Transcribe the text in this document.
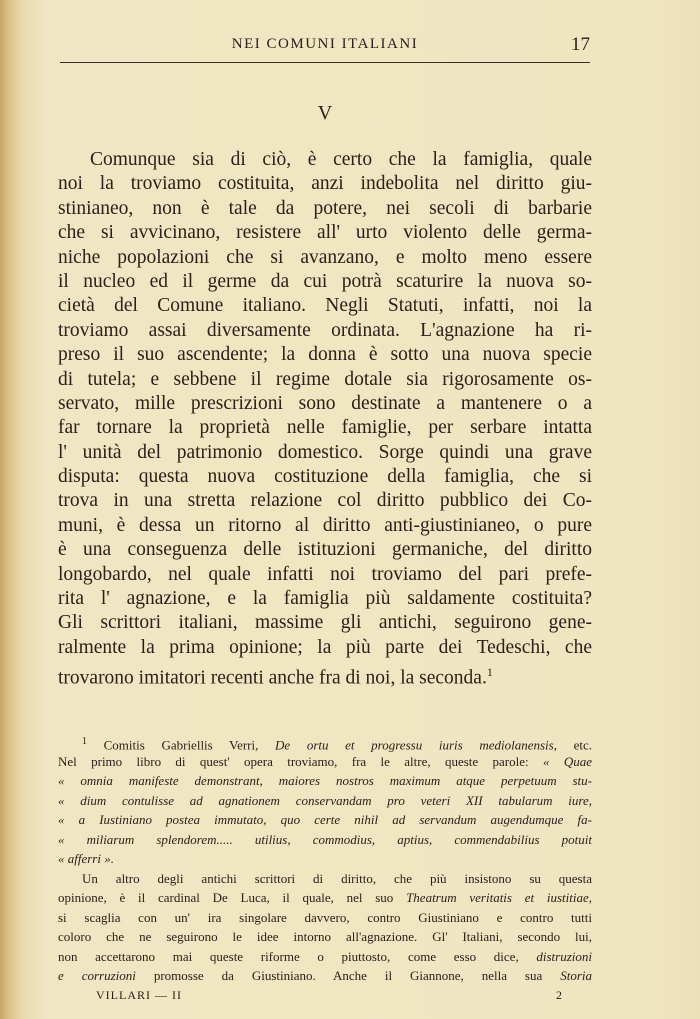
NEI COMUNI ITALIANI	17
V
Comunque sia di ciò, è certo che la famiglia, quale
noi la troviamo costituita, anzi indebolita nel diritto giu-
stinianeo, non è tale da potere, nei secoli di barbarie
che si avvicinano, resistere all' urto violento delle germa-
niche popolazioni che si avanzano, e molto meno essere
il nucleo ed il germe da cui potrà scaturire la nuova so-
cietà del Comune italiano. Negli Statuti, infatti, noi la
troviamo assai diversamente ordinata. L'agnazione ha ri-
preso il suo ascendente; la donna è sotto una nuova specie
di tutela; e sebbene il regime dotale sia rigorosamente os-
servato, mille prescrizioni sono destinate a mantenere o a
far tornare la proprietà nelle famiglie, per serbare intatta
l' unità del patrimonio domestico. Sorge quindi una grave
disputa: questa nuova costituzione della famiglia, che si
trova in una stretta relazione col diritto pubblico dei Co-
muni, è dessa un ritorno al diritto anti-giustinianeo, o pure
è una conseguenza delle istituzioni germaniche, del diritto
longobardo, nel quale infatti noi troviamo del pari prefe-
rita l' agnazione, e la famiglia più saldamente costituita?
Gli scrittori italiani, massime gli antichi, seguirono gene-
ralmente la prima opinione; la più parte dei Tedeschi, che
trovarono imitatori recenti anche fra di noi, la seconda.$^1$
$^1$ Comitis Gabriellis Verri, De ortu et progressu iuris mediolanensis, etc.
Nel primo libro di quest' opera troviamo, fra le altre, queste parole: « Quae
« omnia manifeste demonstrant, maiores nostros maximum atque perpetuum stu-
« dium contulisse ad agnationem conservandam pro veteri XII tabularum iure,
« a Iustiniano postea immutato, quo certe nihil ad servandum augendumque fa-
« miliarum splendorem..... utilius, commodius, aptius, commendabilius potuit
« afferri ».
Un altro degli antichi scrittori di diritto, che più insistono su questa
opinione, è il cardinal De Luca, il quale, nel suo Theatrum veritatis et iustitiae,
si scaglia con un' ira singolare davvero, contro Giustiniano e contro tutti
coloro che ne seguirono le idee intorno all'agnazione. Gl' Italiani, secondo lui,
non accettarono mai queste riforme o piuttosto, come esso dice, distruzioni
e corruzioni promosse da Giustiniano. Anche il Giannone, nella sua Storia
VILLARI — II	2
